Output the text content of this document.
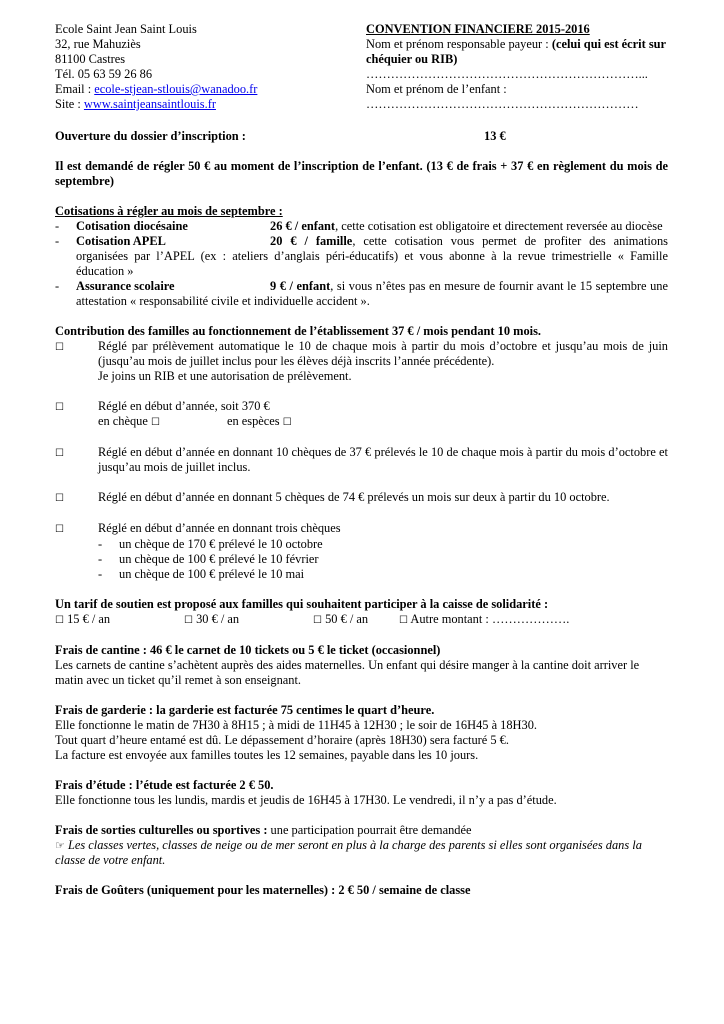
Ecole Saint Jean Saint Louis
32, rue Mahuziès
81100 Castres
Tél. 05 63 59 26 86
Email : ecole-stjean-stlouis@wanadoo.fr
Site : www.saintjeansaintlouis.fr
CONVENTION FINANCIERE 2015-2016
Nom et prénom responsable payeur : (celui qui est écrit sur chéquier ou RIB)
…………………………………………………………...
Nom et prénom de l’enfant :
…………………………………………………………
Ouverture du dossier d’inscription :	13 €
Il est demandé de régler 50 € au moment de l’inscription de l’enfant. (13 € de frais + 37 € en règlement du mois de septembre)
Cotisations à régler au mois de septembre :
-	Cotisation diocésaine	26 € / enfant, cette cotisation est obligatoire et directement reversée au diocèse
-	Cotisation APEL	20 € / famille, cette cotisation vous permet de profiter des animations organisées par l’APEL (ex : ateliers d’anglais péri-éducatifs) et vous abonne à la revue trimestrielle « Famille éducation »
-	Assurance scolaire	9 € / enfant, si vous n’êtes pas en mesure de fournir avant le 15 septembre une attestation « responsabilité civile et individuelle accident ».
Contribution des familles au fonctionnement de l’établissement 37 € / mois pendant 10 mois.
☐	Réglé par prélèvement automatique le 10 de chaque mois à partir du mois d’octobre et jusqu’au mois de juin (jusqu’au mois de juillet inclus pour les élèves déjà inscrits l’année précédente).
Je joins un RIB et une autorisation de prélèvement.
☐	Réglé en début d’année, soit 370 €
en chèque ☐	en espèces ☐
☐	Réglé en début d’année en donnant 10 chèques de 37 € prélevés le 10 de chaque mois à partir du mois d’octobre et jusqu’au mois de juillet inclus.
☐	Réglé en début d’année en donnant 5 chèques de 74 € prélevés un mois sur deux à partir du 10 octobre.
☐	Réglé en début d’année en donnant trois chèques
-	un chèque de 170 € prélevé le 10 octobre
-	un chèque de 100 € prélevé le 10 février
-	un chèque de 100 € prélevé le 10 mai
Un tarif de soutien est proposé aux familles qui souhaitent participer à la caisse de solidarité :
☐ 15 € / an	☐ 30 € / an	☐ 50 € / an	☐ Autre montant : ……………….
Frais de cantine : 46 € le carnet de 10 tickets ou 5 € le ticket (occasionnel)
Les carnets de cantine s’achètent auprès des aides maternelles. Un enfant qui désire manger à la cantine doit arriver le matin avec un ticket qu’il remet à son enseignant.
Frais de garderie : la garderie est facturée 75 centimes le quart d’heure.
Elle fonctionne le matin de 7H30 à 8H15 ; à midi de 11H45 à 12H30 ; le soir de 16H45 à 18H30.
Tout quart d’heure entamé est dû. Le dépassement d’horaire (après 18H30) sera facturé 5 €.
La facture est envoyée aux familles toutes les 12 semaines, payable dans les 10 jours.
Frais d’étude : l’étude est facturée 2 € 50.
Elle fonctionne tous les lundis, mardis et jeudis de 16H45 à 17H30. Le vendredi, il n’y a pas d’étude.
Frais de sorties culturelles ou sportives : une participation pourrait être demandée
☞ Les classes vertes, classes de neige ou de mer seront en plus à la charge des parents si elles sont organisées dans la classe de votre enfant.
Frais de Goûters (uniquement pour les maternelles) : 2 € 50 / semaine de classe
